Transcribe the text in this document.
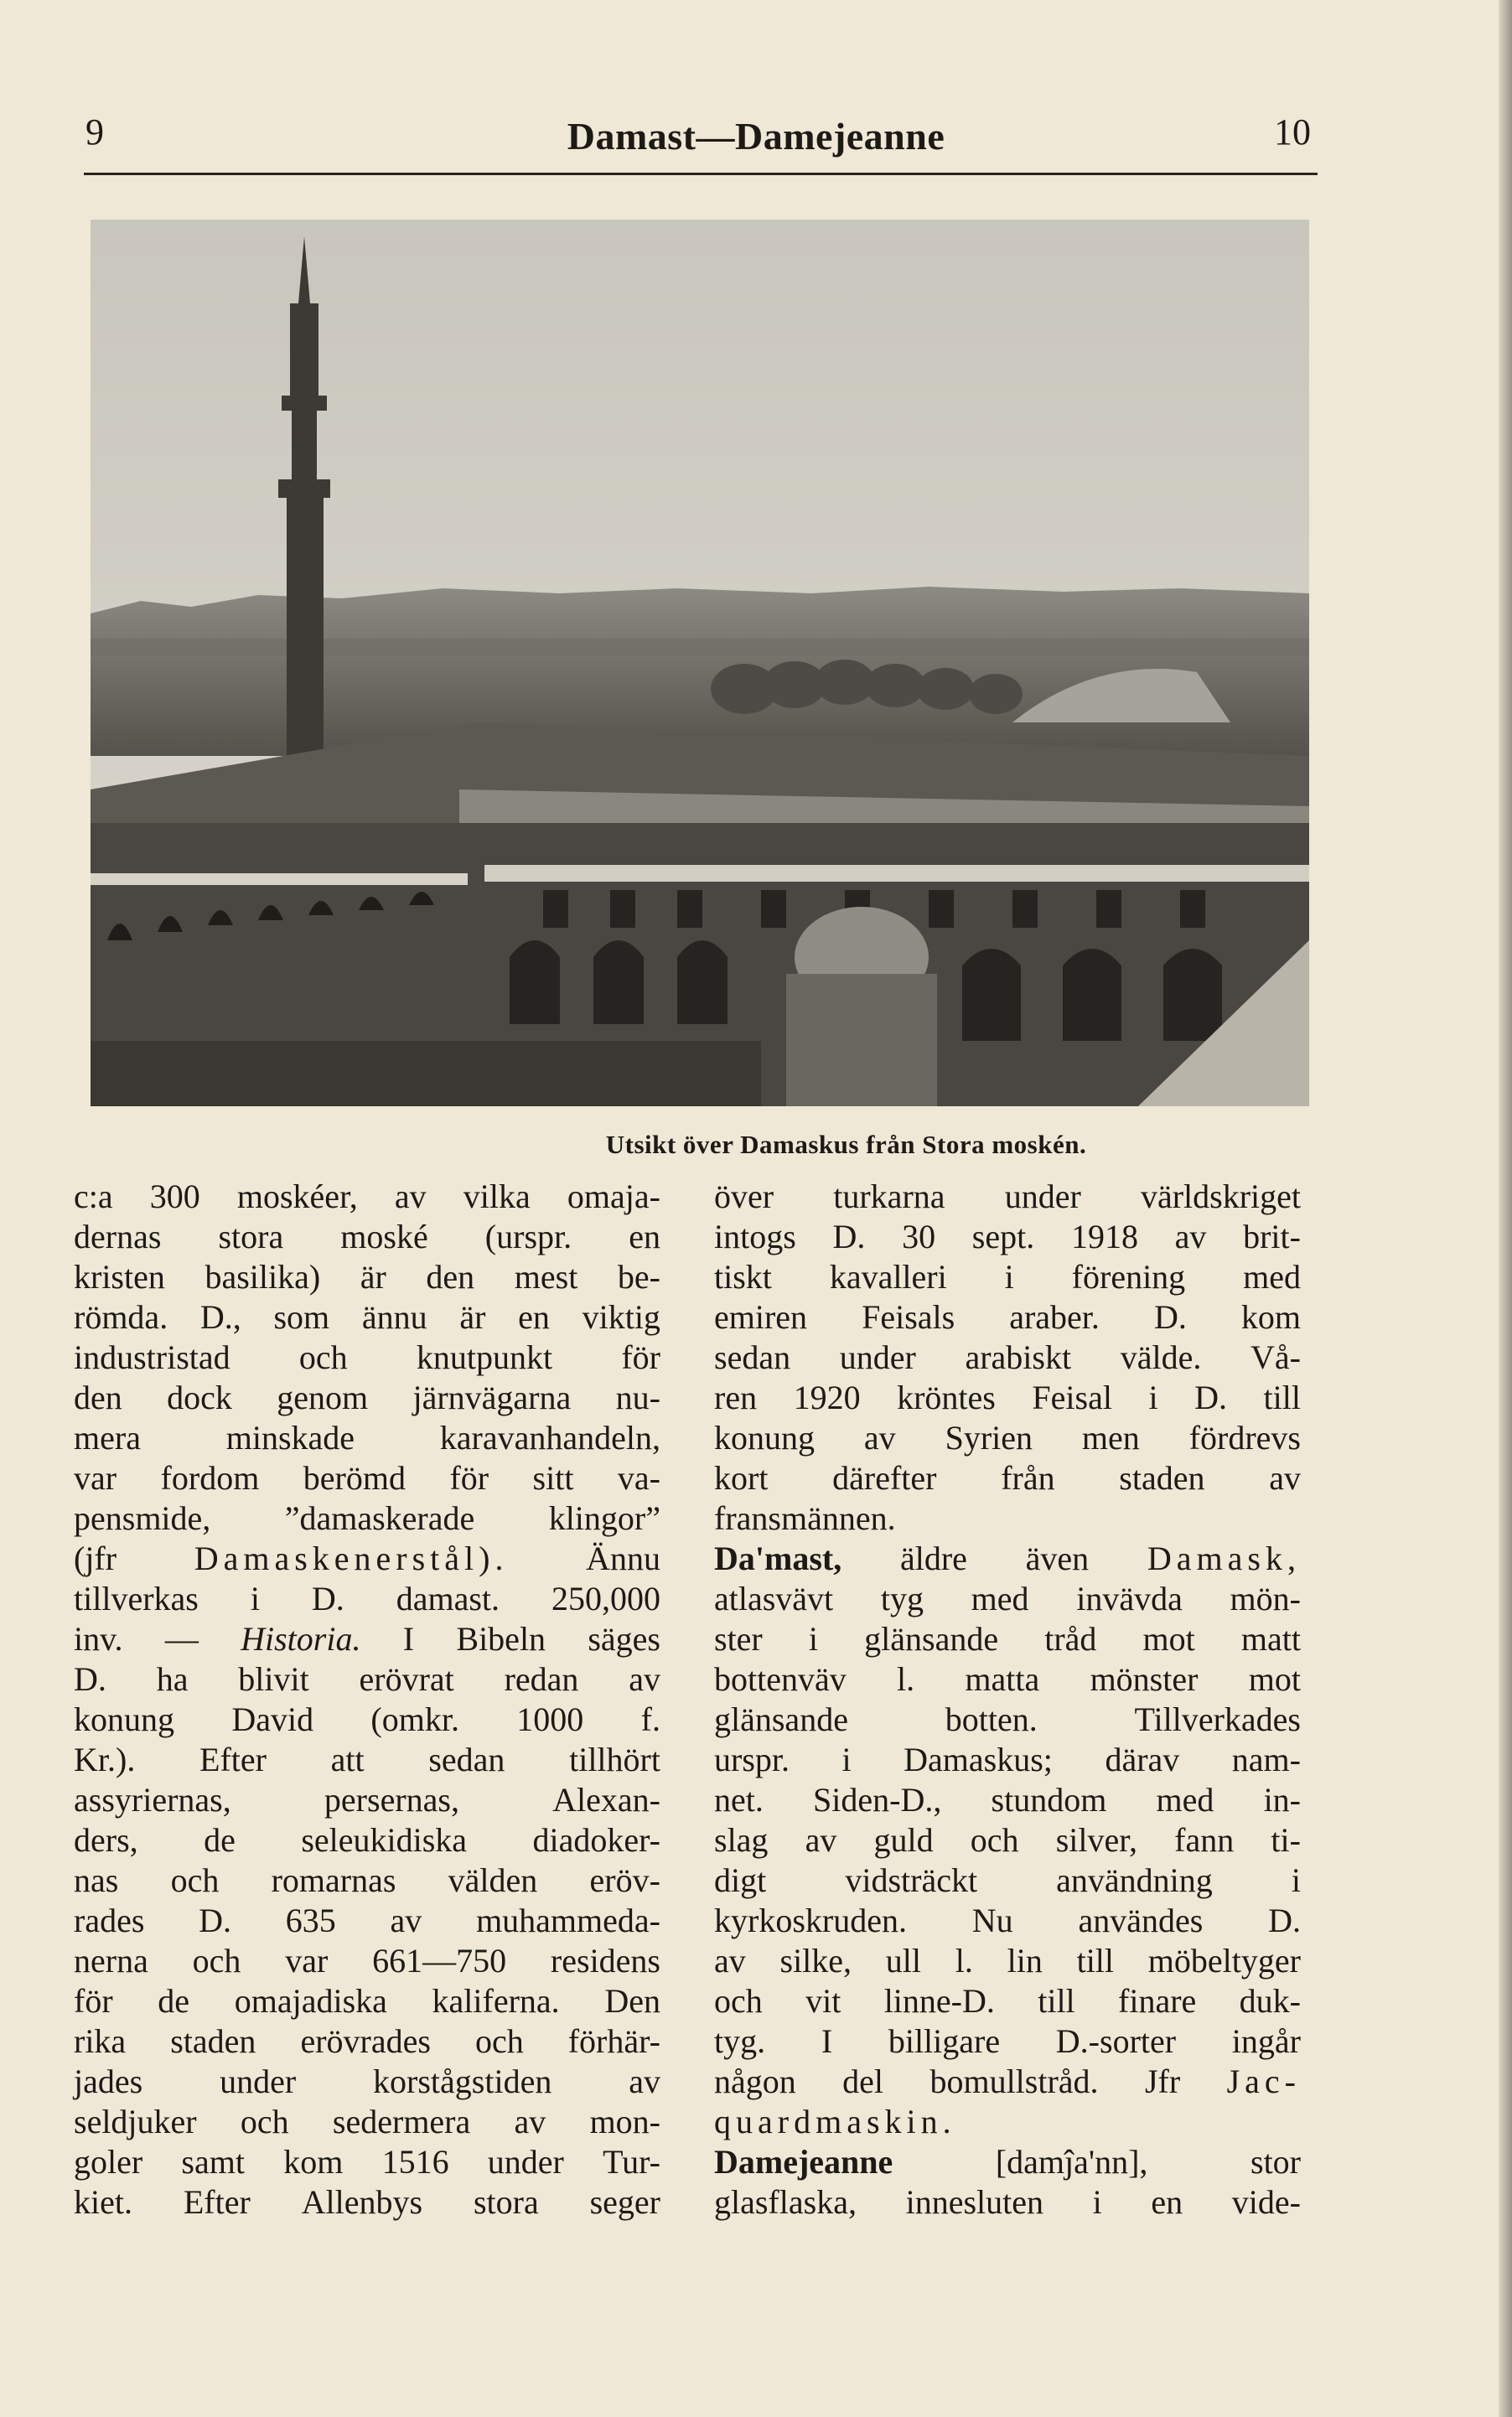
9	Damast—Damejeanne	10
Utsikt över Damaskus från Stora moskén.
c:a 300 moskéer, av vilka omaja-
dernas stora moské (urspr. en
kristen basilika) är den mest be-
römda. D., som ännu är en viktig
industristad och knutpunkt för
den dock genom järnvägarna nu-
mera	minskade	karavanhandeln,
var fordom berömd för sitt va-
pensmide, ”damaskerade klingor”
(jfr Damaskenerstål). Ännu
tillverkas i D. damast. 250,000
inv. — Historia. I Bibeln säges
D. ha blivit erövrat redan av
konung David (omkr. 1000 f.
Kr.). Efter att sedan tillhört
assyriernas,	persernas,	Alexan-
ders, de seleukidiska diadoker-
nas och romarnas välden eröv-
rades D. 635 av muhammeda-
nerna och var 661—750 residens
för de omajadiska kaliferna. Den
rika staden erövrades och förhär-
jades under korstågstiden av
seldjuker och sedermera av mon-
goler samt kom 1516 under Tur-
kiet. Efter Allenbys stora seger
över turkarna under världskriget
intogs D. 30 sept. 1918 av brit-
tiskt kavalleri i förening med
emiren Feisals araber. D. kom
sedan under arabiskt välde. Vå-
ren 1920 kröntes Feisal i D. till
konung av Syrien men fördrevs
kort därefter från staden av
fransmännen.
Da'mast, äldre även Damask,
atlasvävt tyg med invävda mön-
ster i glänsande tråd mot matt
bottenväv l. matta mönster mot
glänsande	botten.	Tillverkades
urspr. i Damaskus; därav nam-
net. Siden-D., stundom med in-
slag av guld och silver, fann ti-
digt vidsträckt användning i
kyrkoskruden. Nu användes D.
av silke, ull l. lin till möbeltyger
och vit linne-D. till finare duk-
tyg. I billigare D.-sorter ingår
någon del bomullstråd. Jfr Jac-
quardmaskin.
Damejeanne	[damĵa'nn],	stor
glasflaska, innesluten i en vide-
